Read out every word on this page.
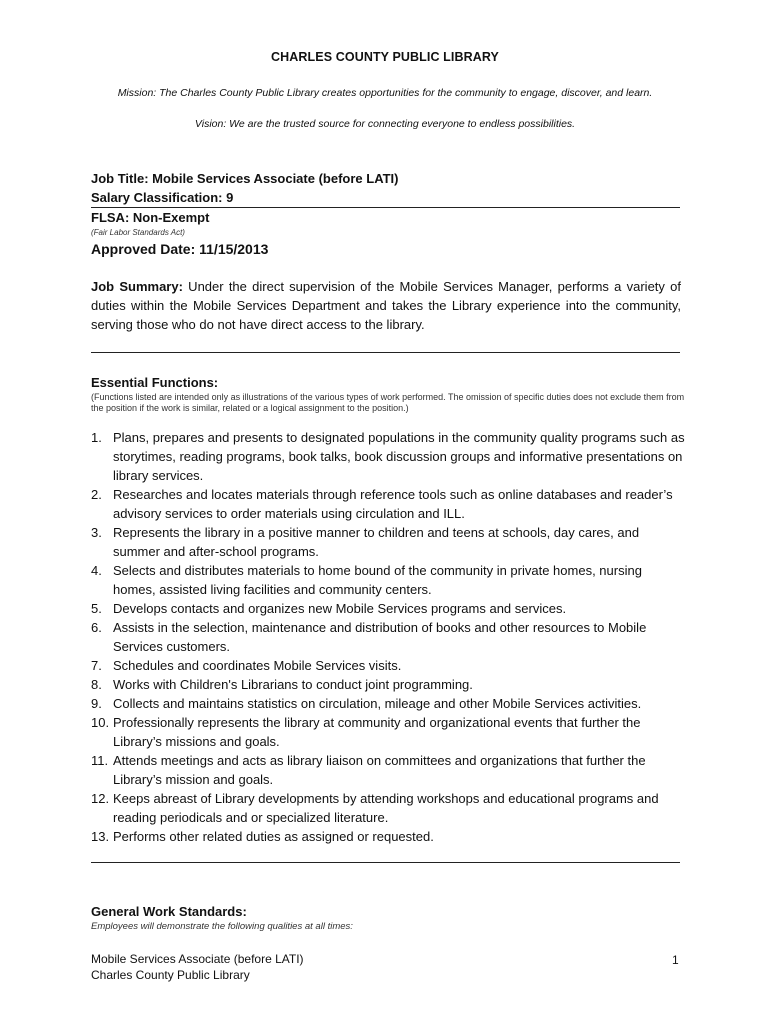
CHARLES COUNTY PUBLIC LIBRARY
Mission: The Charles County Public Library creates opportunities for the community to engage, discover, and learn.
Vision: We are the trusted source for connecting everyone to endless possibilities.
Job Title: Mobile Services Associate (before LATI)
Salary Classification: 9
FLSA: Non-Exempt
(Fair Labor Standards Act)
Approved Date: 11/15/2013
Job Summary: Under the direct supervision of the Mobile Services Manager, performs a variety of duties within the Mobile Services Department and takes the Library experience into the community, serving those who do not have direct access to the library.
Essential Functions:
(Functions listed are intended only as illustrations of the various types of work performed. The omission of specific duties does not exclude them from the position if the work is similar, related or a logical assignment to the position.)
1. Plans, prepares and presents to designated populations in the community quality programs such as storytimes, reading programs, book talks, book discussion groups and informative presentations on library services.
2. Researches and locates materials through reference tools such as online databases and reader’s advisory services to order materials using circulation and ILL.
3. Represents the library in a positive manner to children and teens at schools, day cares, and summer and after-school programs.
4. Selects and distributes materials to home bound of the community in private homes, nursing homes, assisted living facilities and community centers.
5. Develops contacts and organizes new Mobile Services programs and services.
6. Assists in the selection, maintenance and distribution of books and other resources to Mobile Services customers.
7. Schedules and coordinates Mobile Services visits.
8. Works with Children's Librarians to conduct joint programming.
9. Collects and maintains statistics on circulation, mileage and other Mobile Services activities.
10. Professionally represents the library at community and organizational events that further the Library’s missions and goals.
11. Attends meetings and acts as library liaison on committees and organizations that further the Library’s mission and goals.
12. Keeps abreast of Library developments by attending workshops and educational programs and reading periodicals and or specialized literature.
13. Performs other related duties as assigned or requested.
General Work Standards:
Employees will demonstrate the following qualities at all times:
Mobile Services Associate (before LATI)
Charles County Public Library
1
